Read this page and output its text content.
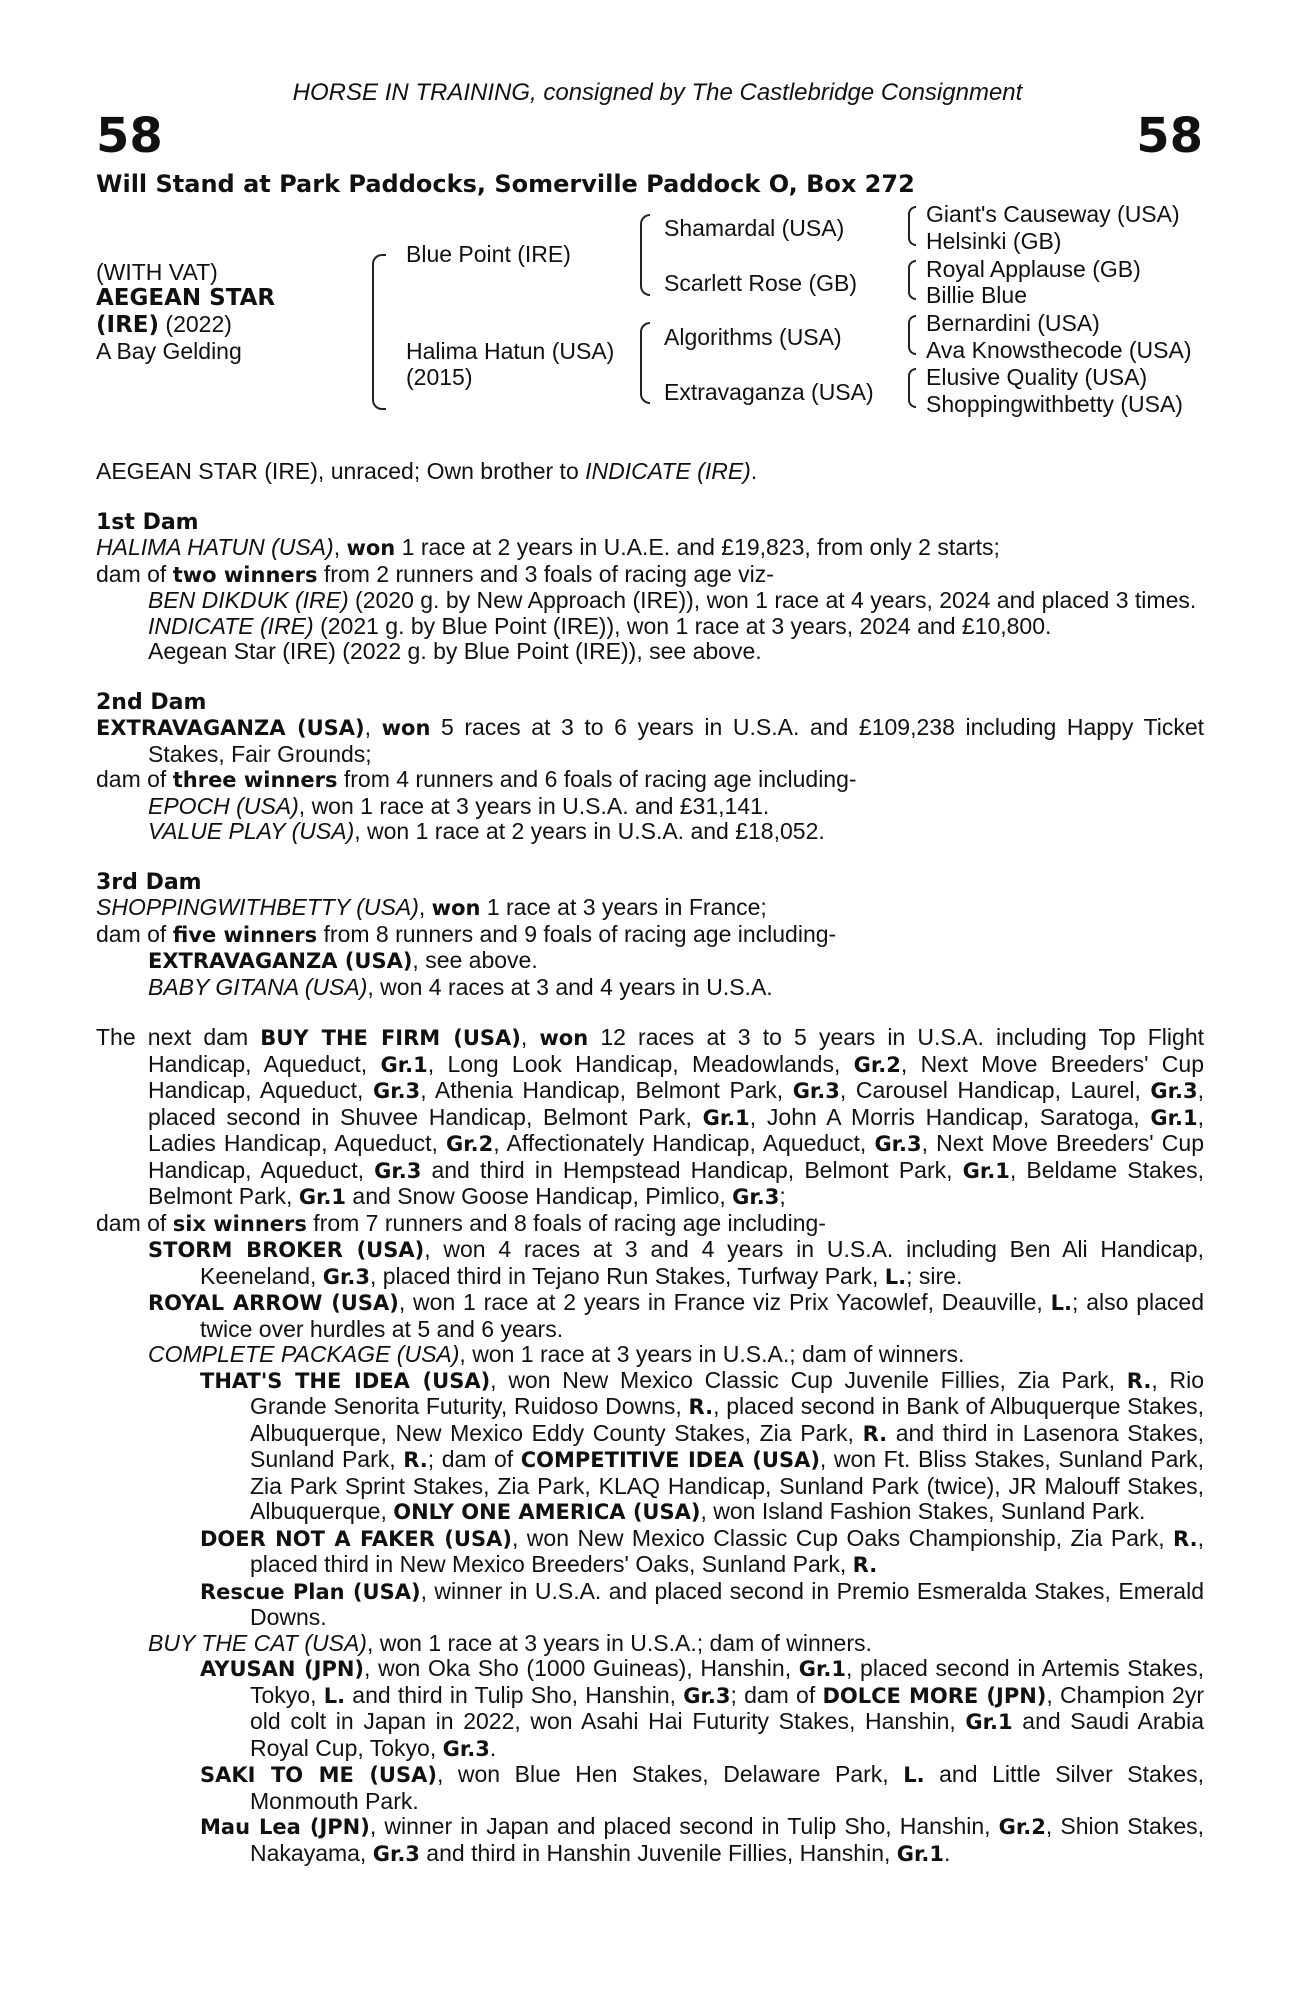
HORSE IN TRAINING, consigned by The Castlebridge Consignment
58	58
Will Stand at Park Paddocks, Somerville Paddock O, Box 272
(WITH VAT)
AEGEAN STAR
(IRE) (2022)
A Bay Gelding
Blue Point (IRE)
Halima Hatun (USA)
(2015)
Shamardal (USA)
Scarlett Rose (GB)
Algorithms (USA)
Extravaganza (USA)
Giant's Causeway (USA)
Helsinki (GB)
Royal Applause (GB)
Billie Blue
Bernardini (USA)
Ava Knowsthecode (USA)
Elusive Quality (USA)
Shoppingwithbetty (USA)
AEGEAN STAR (IRE), unraced; Own brother to INDICATE (IRE).
1st Dam
HALIMA HATUN (USA), won 1 race at 2 years in U.A.E. and £19,823, from only 2 starts;
dam of two winners from 2 runners and 3 foals of racing age viz-
BEN DIKDUK (IRE) (2020 g. by New Approach (IRE)), won 1 race at 4 years, 2024 and placed 3 times.
INDICATE (IRE) (2021 g. by Blue Point (IRE)), won 1 race at 3 years, 2024 and £10,800.
Aegean Star (IRE) (2022 g. by Blue Point (IRE)), see above.
2nd Dam
EXTRAVAGANZA (USA), won 5 races at 3 to 6 years in U.S.A. and £109,238 including Happy Ticket Stakes, Fair Grounds;
dam of three winners from 4 runners and 6 foals of racing age including-
EPOCH (USA), won 1 race at 3 years in U.S.A. and £31,141.
VALUE PLAY (USA), won 1 race at 2 years in U.S.A. and £18,052.
3rd Dam
SHOPPINGWITHBETTY (USA), won 1 race at 3 years in France;
dam of five winners from 8 runners and 9 foals of racing age including-
EXTRAVAGANZA (USA), see above.
BABY GITANA (USA), won 4 races at 3 and 4 years in U.S.A.
The next dam BUY THE FIRM (USA), won 12 races at 3 to 5 years in U.S.A. including Top Flight Handicap, Aqueduct, Gr.1, Long Look Handicap, Meadowlands, Gr.2, Next Move Breeders' Cup Handicap, Aqueduct, Gr.3, Athenia Handicap, Belmont Park, Gr.3, Carousel Handicap, Laurel, Gr.3, placed second in Shuvee Handicap, Belmont Park, Gr.1, John A Morris Handicap, Saratoga, Gr.1, Ladies Handicap, Aqueduct, Gr.2, Affectionately Handicap, Aqueduct, Gr.3, Next Move Breeders' Cup Handicap, Aqueduct, Gr.3 and third in Hempstead Handicap, Belmont Park, Gr.1, Beldame Stakes, Belmont Park, Gr.1 and Snow Goose Handicap, Pimlico, Gr.3;
dam of six winners from 7 runners and 8 foals of racing age including-
STORM BROKER (USA), won 4 races at 3 and 4 years in U.S.A. including Ben Ali Handicap, Keeneland, Gr.3, placed third in Tejano Run Stakes, Turfway Park, L.; sire.
ROYAL ARROW (USA), won 1 race at 2 years in France viz Prix Yacowlef, Deauville, L.; also placed twice over hurdles at 5 and 6 years.
COMPLETE PACKAGE (USA), won 1 race at 3 years in U.S.A.; dam of winners.
THAT'S THE IDEA (USA), won New Mexico Classic Cup Juvenile Fillies, Zia Park, R., Rio Grande Senorita Futurity, Ruidoso Downs, R., placed second in Bank of Albuquerque Stakes, Albuquerque, New Mexico Eddy County Stakes, Zia Park, R. and third in Lasenora Stakes, Sunland Park, R.; dam of COMPETITIVE IDEA (USA), won Ft. Bliss Stakes, Sunland Park, Zia Park Sprint Stakes, Zia Park, KLAQ Handicap, Sunland Park (twice), JR Malouff Stakes, Albuquerque, ONLY ONE AMERICA (USA), won Island Fashion Stakes, Sunland Park.
DOER NOT A FAKER (USA), won New Mexico Classic Cup Oaks Championship, Zia Park, R., placed third in New Mexico Breeders' Oaks, Sunland Park, R.
Rescue Plan (USA), winner in U.S.A. and placed second in Premio Esmeralda Stakes, Emerald Downs.
BUY THE CAT (USA), won 1 race at 3 years in U.S.A.; dam of winners.
AYUSAN (JPN), won Oka Sho (1000 Guineas), Hanshin, Gr.1, placed second in Artemis Stakes, Tokyo, L. and third in Tulip Sho, Hanshin, Gr.3; dam of DOLCE MORE (JPN), Champion 2yr old colt in Japan in 2022, won Asahi Hai Futurity Stakes, Hanshin, Gr.1 and Saudi Arabia Royal Cup, Tokyo, Gr.3.
SAKI TO ME (USA), won Blue Hen Stakes, Delaware Park, L. and Little Silver Stakes, Monmouth Park.
Mau Lea (JPN), winner in Japan and placed second in Tulip Sho, Hanshin, Gr.2, Shion Stakes, Nakayama, Gr.3 and third in Hanshin Juvenile Fillies, Hanshin, Gr.1.
